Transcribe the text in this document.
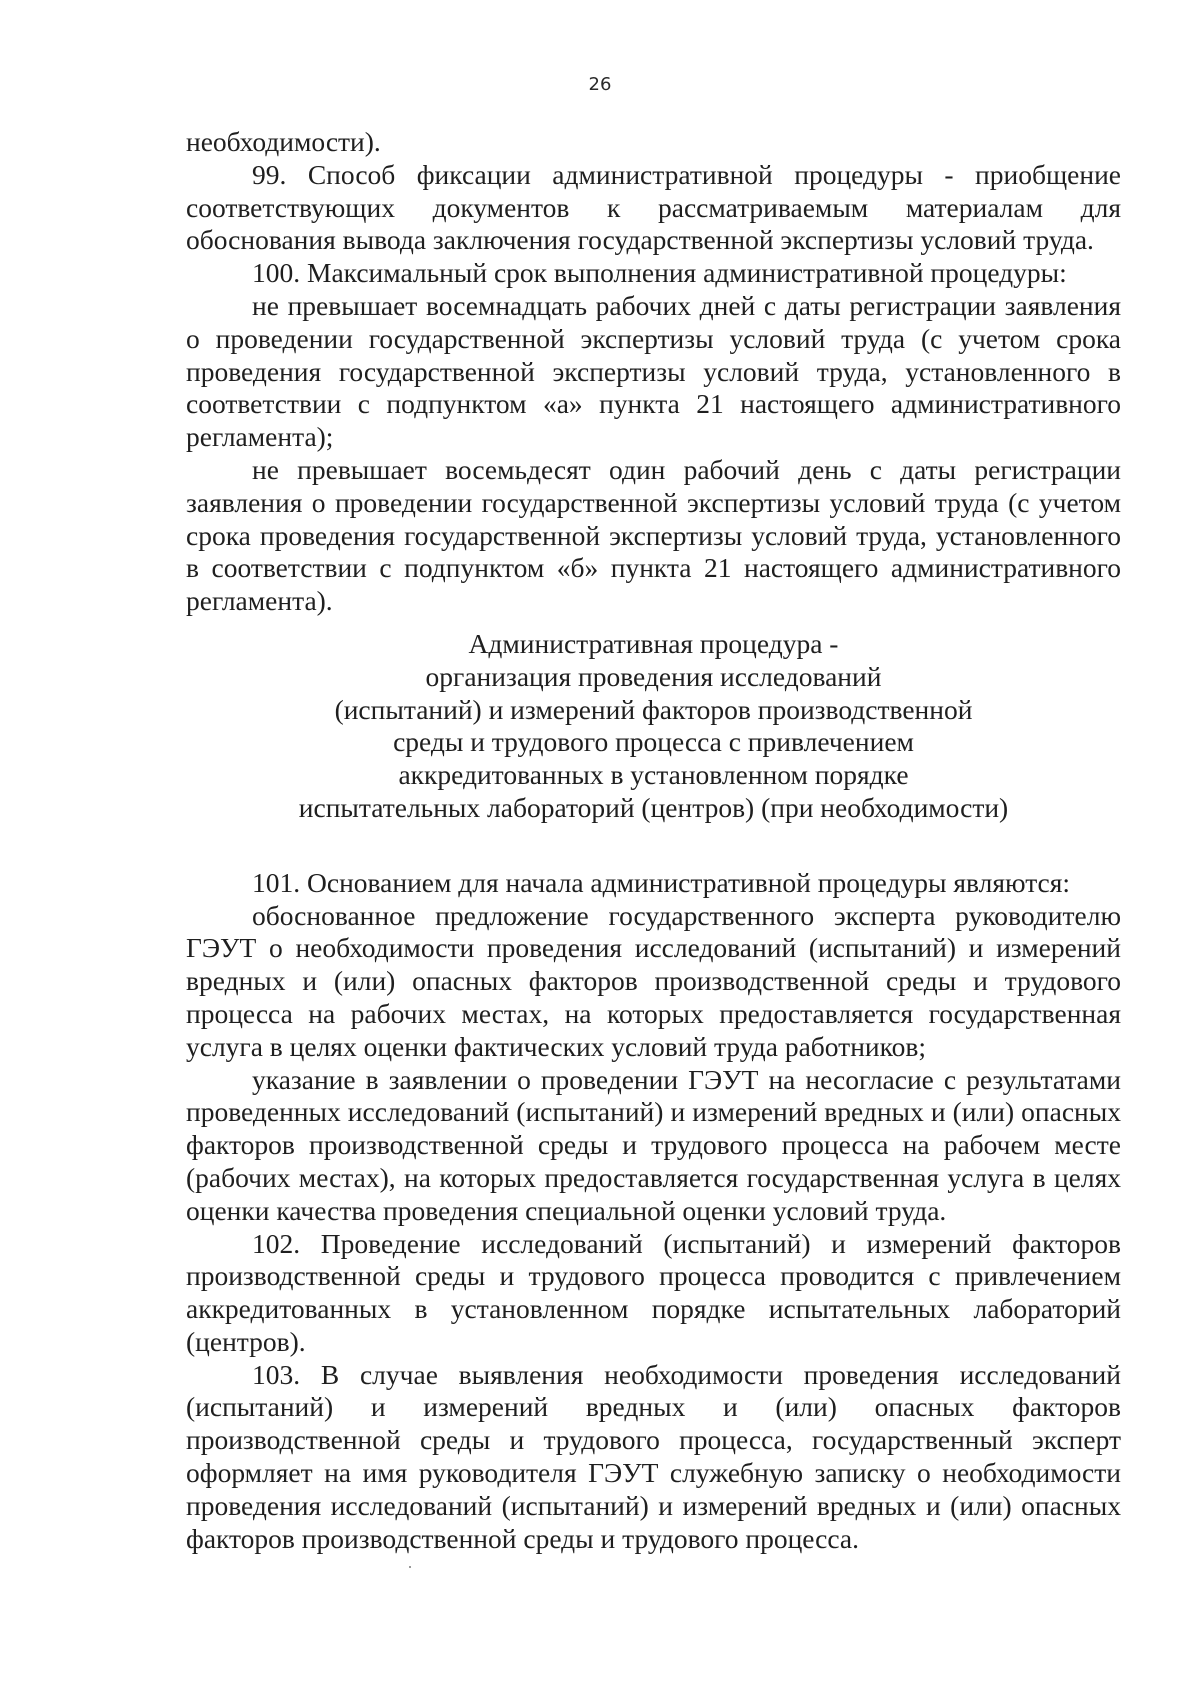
26

необходимости).

99. Способ фиксации административной процедуры - приобщение соответствующих документов к рассматриваемым материалам для обоснования вывода заключения государственной экспертизы условий труда.

100. Максимальный срок выполнения административной процедуры:

не превышает восемнадцать рабочих дней с даты регистрации заявления о проведении государственной экспертизы условий труда (с учетом срока проведения государственной экспертизы условий труда, установленного в соответствии с подпунктом «а» пункта 21 настоящего административного регламента);

не превышает восемьдесят один рабочий день с даты регистрации заявления о проведении государственной экспертизы условий труда (с учетом срока проведения государственной экспертизы условий труда, установленного в соответствии с подпунктом «б» пункта 21 настоящего административного регламента).

Административная процедура -
организация проведения исследований
(испытаний) и измерений факторов производственной
среды и трудового процесса с привлечением
аккредитованных в установленном порядке
испытательных лабораторий (центров) (при необходимости)

101. Основанием для начала административной процедуры являются:

обоснованное предложение государственного эксперта руководителю ГЭУТ о необходимости проведения исследований (испытаний) и измерений вредных и (или) опасных факторов производственной среды и трудового процесса на рабочих местах, на которых предоставляется государственная услуга в целях оценки фактических условий труда работников;

указание в заявлении о проведении ГЭУТ на несогласие с результатами проведенных исследований (испытаний) и измерений вредных и (или) опасных факторов производственной среды и трудового процесса на рабочем месте (рабочих местах), на которых предоставляется государственная услуга в целях оценки качества проведения специальной оценки условий труда.

102. Проведение исследований (испытаний) и измерений факторов производственной среды и трудового процесса проводится с привлечением аккредитованных в установленном порядке испытательных лабораторий (центров).

103. В случае выявления необходимости проведения исследований (испытаний) и измерений вредных и (или) опасных факторов производственной среды и трудового процесса, государственный эксперт оформляет на имя руководителя ГЭУТ служебную записку о необходимости проведения исследований (испытаний) и измерений вредных и (или) опасных факторов производственной среды и трудового процесса.
